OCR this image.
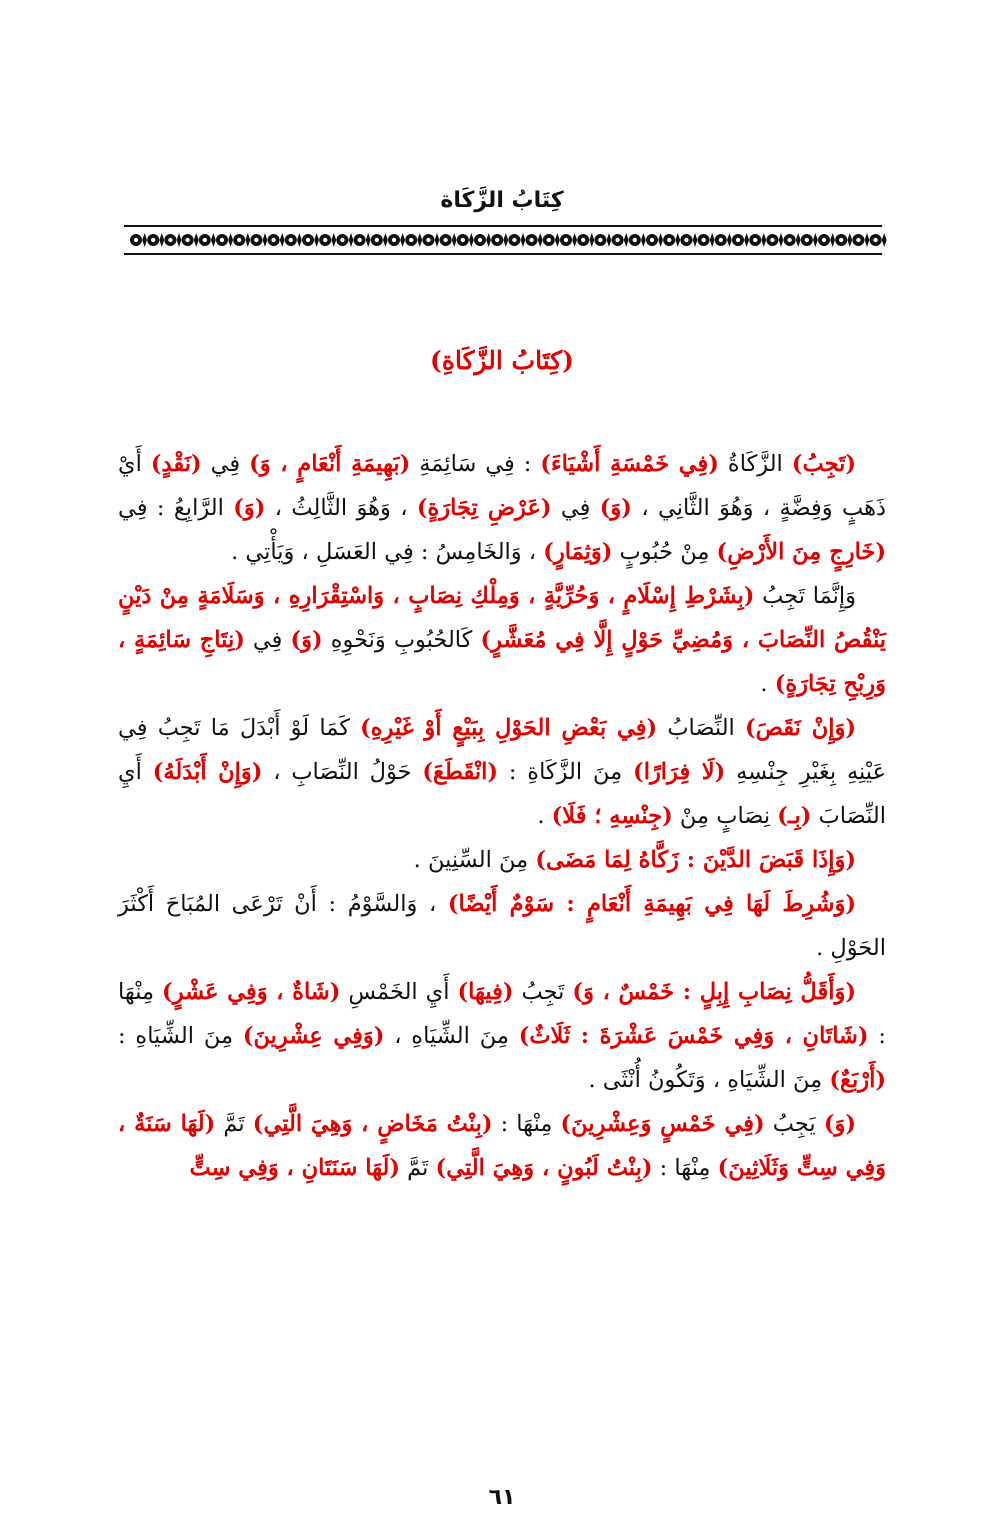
كِتَابُ الزَّكَاة
(كِتَابُ الزَّكَاةِ)

(تَجِبُ) الزَّكَاةُ (فِي خَمْسَةِ أَشْيَاءَ) : فِي سَائِمَةِ (بَهِيمَةِ أَنْعَامٍ ، وَ) فِي (نَقْدٍ) أَيْ ذَهَبٍ وَفِضَّةٍ ، وَهُوَ الثَّانِي ، (وَ) فِي (عَرْضِ تِجَارَةٍ) ، وَهُوَ الثَّالِثُ ، (وَ) الرَّابِعُ : فِي (خَارِجٍ مِنَ الأَرْضِ) مِنْ حُبُوبٍ (وَثِمَارٍ) ، وَالخَامِسُ : فِي العَسَلِ ، وَيَأْتِي .

وَإِنَّمَا تَجِبُ (بِشَرْطِ إِسْلَامٍ ، وَحُرِّيَّةٍ ، وَمِلْكِ نِصَابٍ ، وَاسْتِقْرَارِهِ ، وَسَلَامَةٍ مِنْ دَيْنٍ يَنْقُصُ النِّصَابَ ، وَمُضِيِّ حَوْلٍ إِلَّا فِي مُعَشَّرٍ) كَالحُبُوبِ وَنَحْوِهِ (وَ) فِي (نِتَاجِ سَائِمَةٍ ، وَرِبْحِ تِجَارَةٍ) .

(وَإِنْ نَقَصَ) النِّصَابُ (فِي بَعْضِ الحَوْلِ بِبَيْعٍ أَوْ غَيْرِهِ) كَمَا لَوْ أَبْدَلَ مَا تَجِبُ فِي عَيْنِهِ بِغَيْرِ جِنْسِهِ (لَا فِرَارًا) مِنَ الزَّكَاةِ : (انْقَطَعَ) حَوْلُ النِّصَابِ ، (وَإِنْ أَبْدَلَهُ) أَيِ النِّصَابَ (بِـ) نِصَابٍ مِنْ (جِنْسِهِ ؛ فَلَا) .

(وَإِذَا قَبَضَ الدَّيْنَ : زَكَّاهُ لِمَا مَضَى) مِنَ السِّنِينَ .

(وَشُرِطَ لَهَا فِي بَهِيمَةِ أَنْعَامٍ : سَوْمٌ أَيْضًا) ، وَالسَّوْمُ : أَنْ تَرْعَى المُبَاحَ أَكْثَرَ الحَوْلِ .

(وَأَقَلُّ نِصَابِ إِبِلٍ : خَمْسٌ ، وَ) تَجِبُ (فِيهَا) أَيِ الخَمْسِ (شَاةٌ ، وَفِي عَشْرٍ) مِنْهَا : (شَاتَانِ ، وَفِي خَمْسَ عَشْرَةَ : ثَلَاثٌ) مِنَ الشِّيَاهِ ، (وَفِي عِشْرِينَ) مِنَ الشِّيَاهِ : (أَرْبَعٌ) مِنَ الشِّيَاهِ ، وَتَكُونُ أُنْثَى .

(وَ) يَجِبُ (فِي خَمْسٍ وَعِشْرِينَ) مِنْهَا : (بِنْتُ مَخَاضٍ ، وَهِيَ الَّتِي) تَمَّ (لَهَا سَنَةٌ ، وَفِي سِتٍّ وَثَلَاثِينَ) مِنْهَا : (بِنْتُ لَبُونٍ ، وَهِيَ الَّتِي) تَمَّ (لَهَا سَنَتَانِ ، وَفِي سِتٍّ

٦١
